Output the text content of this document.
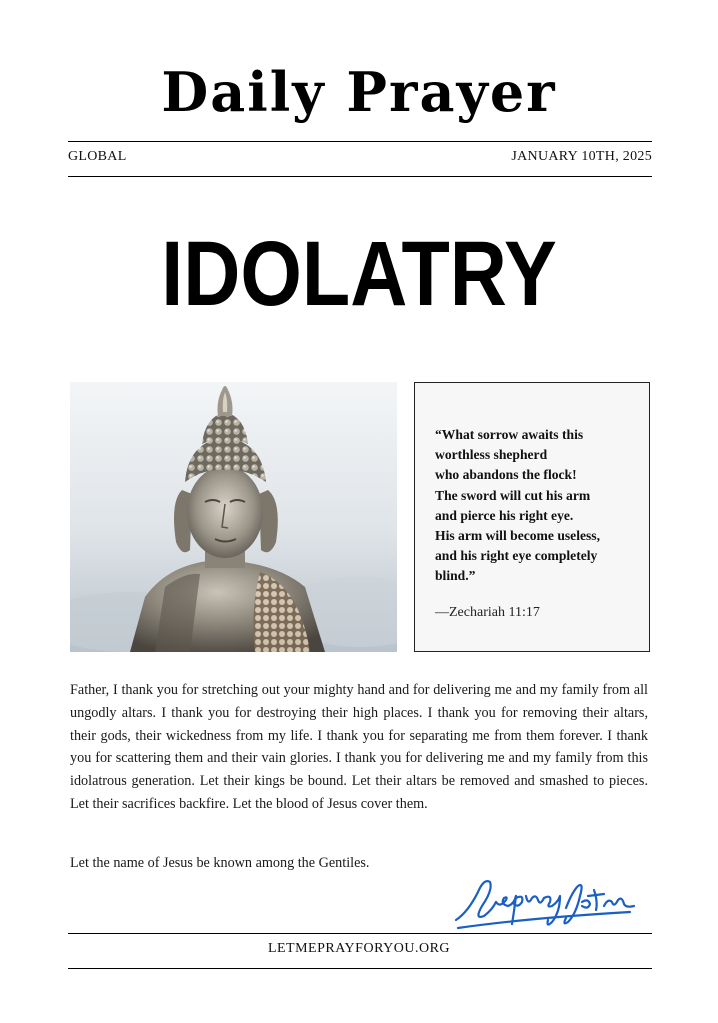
Daily Prayer
GLOBAL	JANUARY 10TH, 2025
IDOLATRY
“What sorrow awaits this
worthless shepherd
who abandons the flock!
The sword will cut his arm
and pierce his right eye.
His arm will become useless,
and his right eye completely
blind.”
—Zechariah 11:17
Father, I thank you for stretching out your mighty hand and for delivering me and my family from all ungodly altars. I thank you for destroying their high places. I thank you for removing their altars, their gods, their wickedness from my life. I thank you for separating me from them forever. I thank you for scattering them and their vain glories. I thank you for delivering me and my family from this idolatrous generation. Let their kings be bound. Let their altars be removed and smashed to pieces. Let their sacrifices backfire. Let the blood of Jesus cover them.
Let the name of Jesus be known among the Gentiles.
LETMEPRAYFORYOU.ORG
